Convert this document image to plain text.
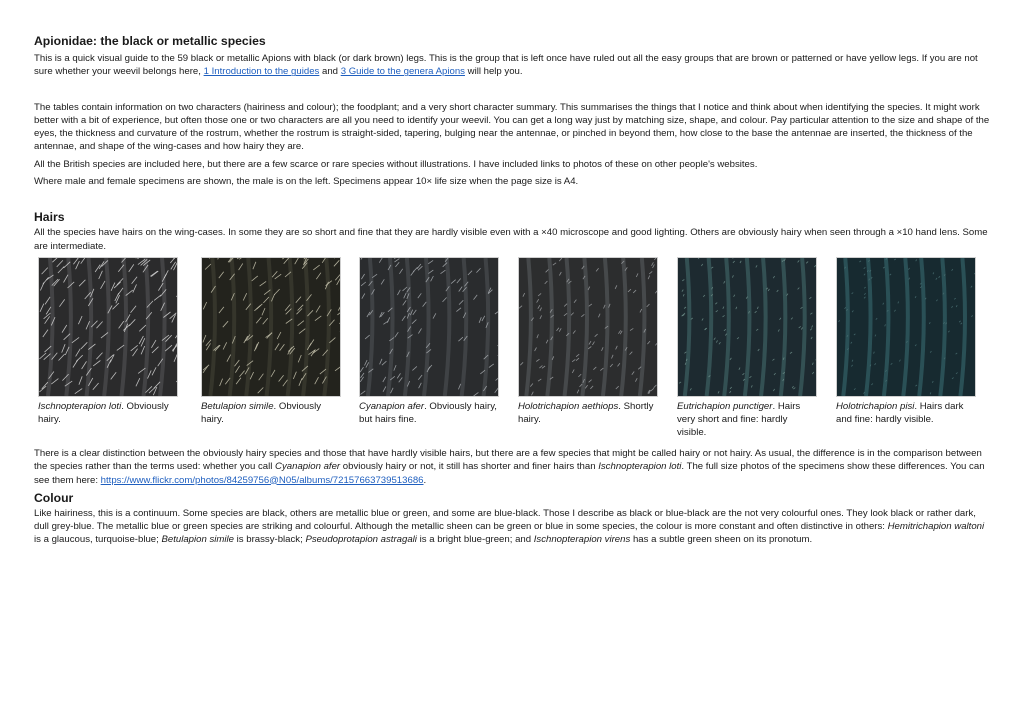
Apionidae: the black or metallic species

This is a quick visual guide to the 59 black or metallic Apions with black (or dark brown) legs. This is the group that is left once have ruled out all the easy groups that are brown or patterned or have yellow legs. If you are not sure whether your weevil belongs here, 1 Introduction to the guides and 3 Guide to the genera Apions will help you.

The tables contain information on two characters (hairiness and colour); the foodplant; and a very short character summary. This summarises the things that I notice and think about when identifying the species. It might work better with a bit of experience, but often those one or two characters are all you need to identify your weevil. You can get a long way just by matching size, shape, and colour. Pay particular attention to the size and shape of the eyes, the thickness and curvature of the rostrum, whether the rostrum is straight-sided, tapering, bulging near the antennae, or pinched in beyond them, how close to the base the antennae are inserted, the thickness of the antennae, and shape of the wing-cases and how hairy they are.

All the British species are included here, but there are a few scarce or rare species without illustrations. I have included links to photos of these on other people's websites.

Where male and female specimens are shown, the male is on the left. Specimens appear 10× life size when the page size is A4.

Hairs

All the species have hairs on the wing-cases. In some they are so short and fine that they are hardly visible even with a ×40 microscope and good lighting. Others are obviously hairy when seen through a ×10 hand lens. Some are intermediate.

Ischnopterapion loti. Obviously hairy.
Betulapion simile. Obviously hairy.
Cyanapion afer. Obviously hairy, but hairs fine.
Holotrichapion aethiops. Shortly hairy.
Eutrichapion punctiger. Hairs very short and fine: hardly visible.
Holotrichapion pisi. Hairs dark and fine: hardly visible.

There is a clear distinction between the obviously hairy species and those that have hardly visible hairs, but there are a few species that might be called hairy or not hairy. As usual, the difference is in the comparison between the species rather than the terms used: whether you call Cyanapion afer obviously hairy or not, it still has shorter and finer hairs than Ischnopterapion loti. The full size photos of the specimens show these differences. You can see them here: https://www.flickr.com/photos/84259756@N05/albums/72157663739513686.

Colour

Like hairiness, this is a continuum. Some species are black, others are metallic blue or green, and some are blue-black. Those I describe as black or blue-black are the not very colourful ones. They look black or rather dark, dull grey-blue. The metallic blue or green species are striking and colourful. Although the metallic sheen can be green or blue in some species, the colour is more constant and often distinctive in others: Hemitrichapion waltoni is a glaucous, turquoise-blue; Betulapion simile is brassy-black; Pseudoprotapion astragali is a bright blue-green; and Ischnopterapion virens has a subtle green sheen on its pronotum.
